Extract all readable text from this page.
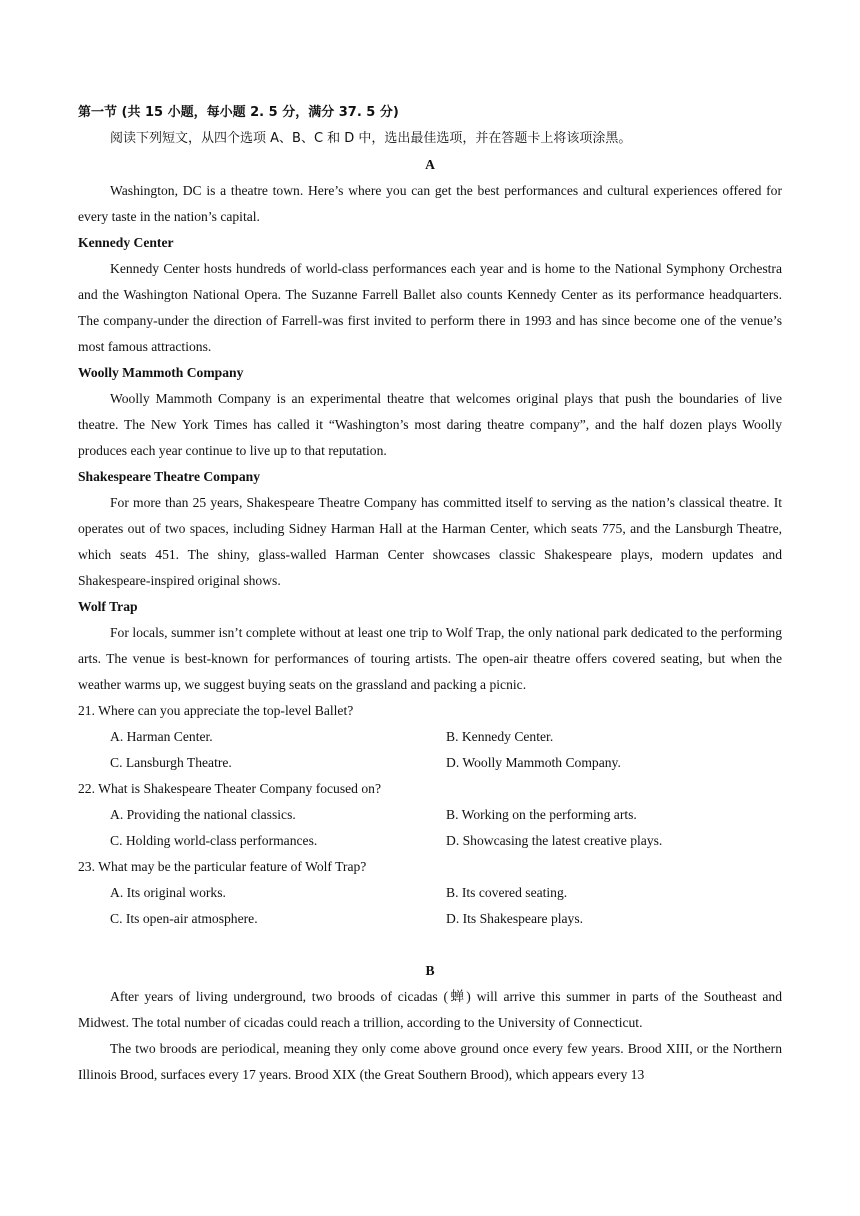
第一节 (共 15 小题，每小题 2. 5 分，满分 37. 5 分)

阅读下列短文，从四个选项 A、B、C 和 D 中，选出最佳选项，并在答题卡上将该项涂黑。

A

Washington, DC is a theatre town. Here’s where you can get the best performances and cultural experiences offered for every taste in the nation’s capital.

Kennedy Center

Kennedy Center hosts hundreds of world-class performances each year and is home to the National Symphony Orchestra and the Washington National Opera. The Suzanne Farrell Ballet also counts Kennedy Center as its performance headquarters. The company-under the direction of Farrell-was first invited to perform there in 1993 and has since become one of the venue’s most famous attractions.

Woolly Mammoth Company

Woolly Mammoth Company is an experimental theatre that welcomes original plays that push the boundaries of live theatre. The New York Times has called it “Washington’s most daring theatre company”, and the half dozen plays Woolly produces each year continue to live up to that reputation.

Shakespeare Theatre Company

For more than 25 years, Shakespeare Theatre Company has committed itself to serving as the nation’s classical theatre. It operates out of two spaces, including Sidney Harman Hall at the Harman Center, which seats 775, and the Lansburgh Theatre, which seats 451. The shiny, glass-walled Harman Center showcases classic Shakespeare plays, modern updates and Shakespeare-inspired original shows.

Wolf Trap

For locals, summer isn’t complete without at least one trip to Wolf Trap, the only national park dedicated to the performing arts. The venue is best-known for performances of touring artists. The open-air theatre offers covered seating, but when the weather warms up, we suggest buying seats on the grassland and packing a picnic.

21. Where can you appreciate the top-level Ballet?

A. Harman Center.	B. Kennedy Center.
C. Lansburgh Theatre.	D. Woolly Mammoth Company.

22. What is Shakespeare Theater Company focused on?

A. Providing the national classics.	B. Working on the performing arts.
C. Holding world-class performances.	D. Showcasing the latest creative plays.

23. What may be the particular feature of Wolf Trap?

A. Its original works.	B. Its covered seating.
C. Its open-air atmosphere.	D. Its Shakespeare plays.

B

After years of living underground, two broods of cicadas (蝉) will arrive this summer in parts of the Southeast and Midwest. The total number of cicadas could reach a trillion, according to the University of Connecticut.

The two broods are periodical, meaning they only come above ground once every few years. Brood XIII, or the Northern Illinois Brood, surfaces every 17 years. Brood XIX (the Great Southern Brood), which appears every 13
